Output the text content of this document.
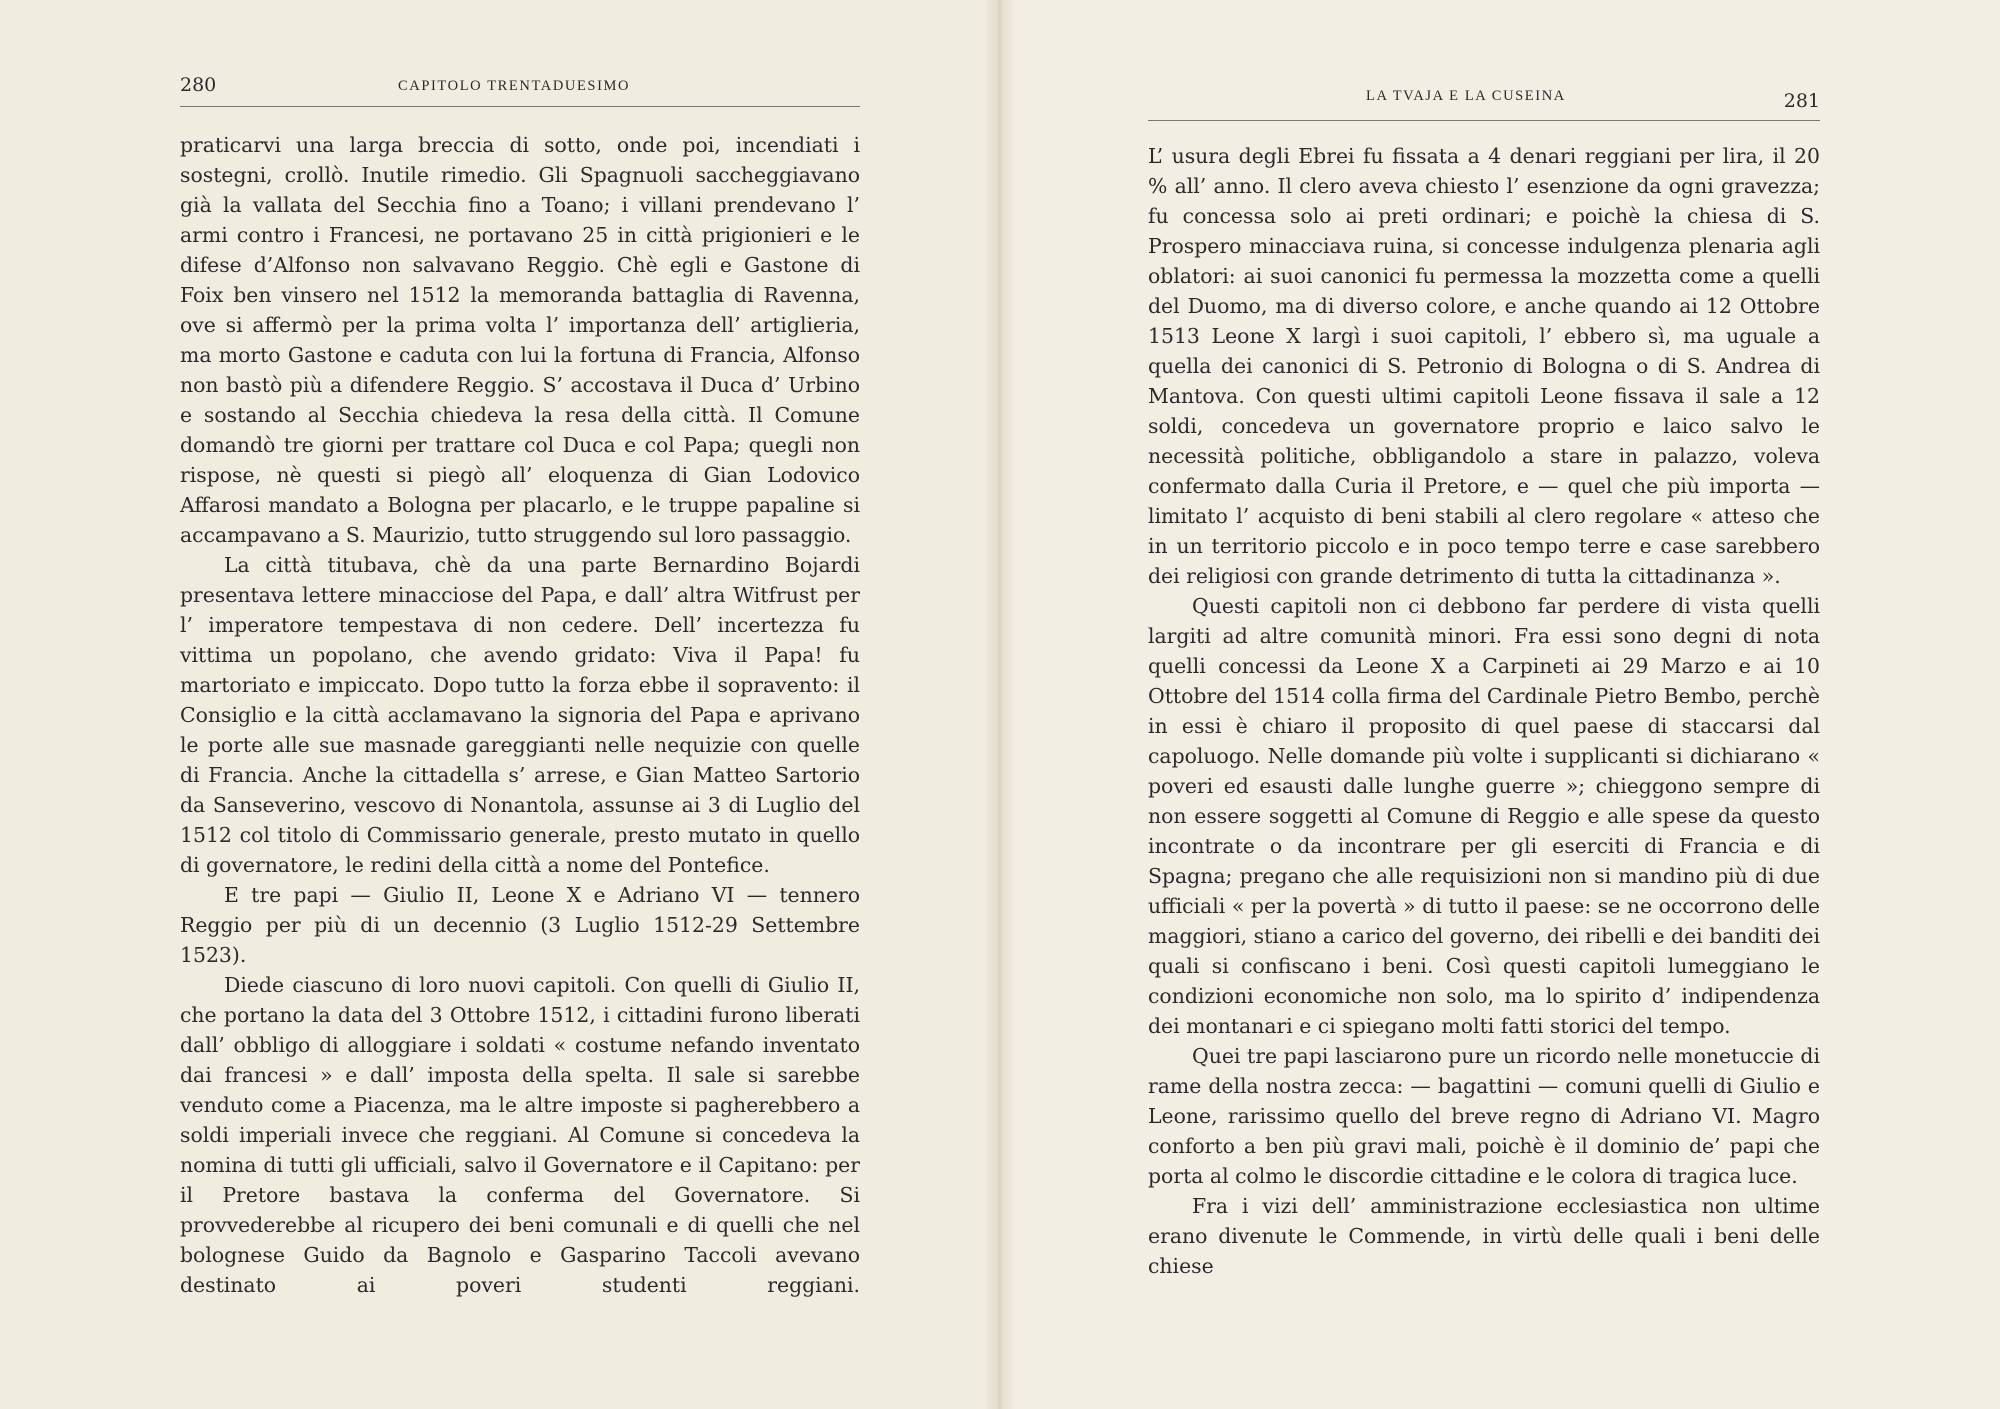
280	CAPITOLO TRENTADUESIMO

praticarvi una larga breccia di sotto, onde poi, incendiati i sostegni, crollò. Inutile rimedio. Gli Spagnuoli saccheggiavano già la vallata del Secchia fino a Toano; i villani prendevano l’ armi contro i Francesi, ne portavano 25 in città prigionieri e le difese d’Alfonso non salvavano Reggio. Chè egli e Gastone di Foix ben vinsero nel 1512 la memoranda battaglia di Ravenna, ove si affermò per la prima volta l’ importanza dell’ artiglieria, ma morto Gastone e caduta con lui la fortuna di Francia, Alfonso non bastò più a difendere Reggio. S’ accostava il Duca d’ Urbino e sostando al Secchia chiedeva la resa della città. Il Comune domandò tre giorni per trattare col Duca e col Papa; quegli non rispose, nè questi si piegò all’ eloquenza di Gian Lodovico Affarosi mandato a Bologna per placarlo, e le truppe papaline si accampavano a S. Maurizio, tutto struggendo sul loro passaggio.

La città titubava, chè da una parte Bernardino Bojardi presentava lettere minacciose del Papa, e dall’ altra Witfrust per l’ imperatore tempestava di non cedere. Dell’ incertezza fu vittima un popolano, che avendo gridato: Viva il Papa! fu martoriato e impiccato. Dopo tutto la forza ebbe il sopravento: il Consiglio e la città acclamavano la signoria del Papa e aprivano le porte alle sue masnade gareggianti nelle nequizie con quelle di Francia. Anche la cittadella s’ arrese, e Gian Matteo Sartorio da Sanseverino, vescovo di Nonantola, assunse ai 3 di Luglio del 1512 col titolo di Commissario generale, presto mutato in quello di governatore, le redini della città a nome del Pontefice.

E tre papi — Giulio II, Leone X e Adriano VI — tennero Reggio per più di un decennio (3 Luglio 1512-29 Settembre 1523).

Diede ciascuno di loro nuovi capitoli. Con quelli di Giulio II, che portano la data del 3 Ottobre 1512, i cittadini furono liberati dall’ obbligo di alloggiare i soldati « costume nefando inventato dai francesi » e dall’ imposta della spelta. Il sale si sarebbe venduto come a Piacenza, ma le altre imposte si pagherebbero a soldi imperiali invece che reggiani. Al Comune si concedeva la nomina di tutti gli ufficiali, salvo il Governatore e il Capitano: per il Pretore bastava la conferma del Governatore. Si provvederebbe al ricupero dei beni comunali e di quelli che nel bolognese Guido da Bagnolo e Gasparino Taccoli avevano destinato ai poveri studenti reggiani.

LA TVAJA E LA CUSEINA	281

L’ usura degli Ebrei fu fissata a 4 denari reggiani per lira, il 20 % all’ anno. Il clero aveva chiesto l’ esenzione da ogni gravezza; fu concessa solo ai preti ordinari; e poichè la chiesa di S. Prospero minacciava ruina, si concesse indulgenza plenaria agli oblatori: ai suoi canonici fu permessa la mozzetta come a quelli del Duomo, ma di diverso colore, e anche quando ai 12 Ottobre 1513 Leone X largì i suoi capitoli, l’ ebbero sì, ma uguale a quella dei canonici di S. Petronio di Bologna o di S. Andrea di Mantova. Con questi ultimi capitoli Leone fissava il sale a 12 soldi, concedeva un governatore proprio e laico salvo le necessità politiche, obbligandolo a stare in palazzo, voleva confermato dalla Curia il Pretore, e — quel che più importa — limitato l’ acquisto di beni stabili al clero regolare « atteso che in un territorio piccolo e in poco tempo terre e case sarebbero dei religiosi con grande detrimento di tutta la cittadinanza ».

Questi capitoli non ci debbono far perdere di vista quelli largiti ad altre comunità minori. Fra essi sono degni di nota quelli concessi da Leone X a Carpineti ai 29 Marzo e ai 10 Ottobre del 1514 colla firma del Cardinale Pietro Bembo, perchè in essi è chiaro il proposito di quel paese di staccarsi dal capoluogo. Nelle domande più volte i supplicanti si dichiarano « poveri ed esausti dalle lunghe guerre »; chieggono sempre di non essere soggetti al Comune di Reggio e alle spese da questo incontrate o da incontrare per gli eserciti di Francia e di Spagna; pregano che alle requisizioni non si mandino più di due ufficiali « per la povertà » di tutto il paese: se ne occorrono delle maggiori, stiano a carico del governo, dei ribelli e dei banditi dei quali si confiscano i beni. Così questi capitoli lumeggiano le condizioni economiche non solo, ma lo spirito d’ indipendenza dei montanari e ci spiegano molti fatti storici del tempo.

Quei tre papi lasciarono pure un ricordo nelle monetuccie di rame della nostra zecca: — bagattini — comuni quelli di Giulio e Leone, rarissimo quello del breve regno di Adriano VI. Magro conforto a ben più gravi mali, poichè è il dominio de’ papi che porta al colmo le discordie cittadine e le colora di tragica luce.

Fra i vizi dell’ amministrazione ecclesiastica non ultime erano divenute le Commende, in virtù delle quali i beni delle chiese
